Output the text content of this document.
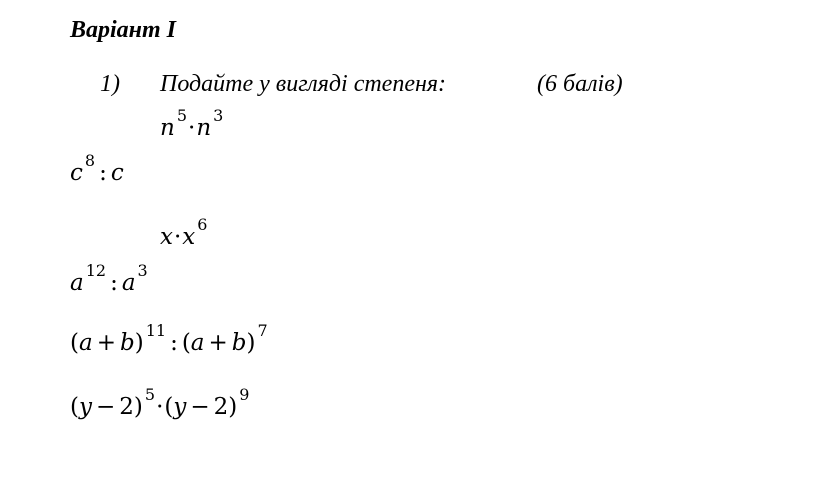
Варіант І
1) Подайте у вигляді степеня:	(6 балів)
n $^5$·n $^3$
c $^8$ : c
x·x $^6$
a $^{12}$ : a $^3$
(a + b) $^{11}$ : (a + b) $^7$
(y − 2) $^5$·(y − 2) $^9$
